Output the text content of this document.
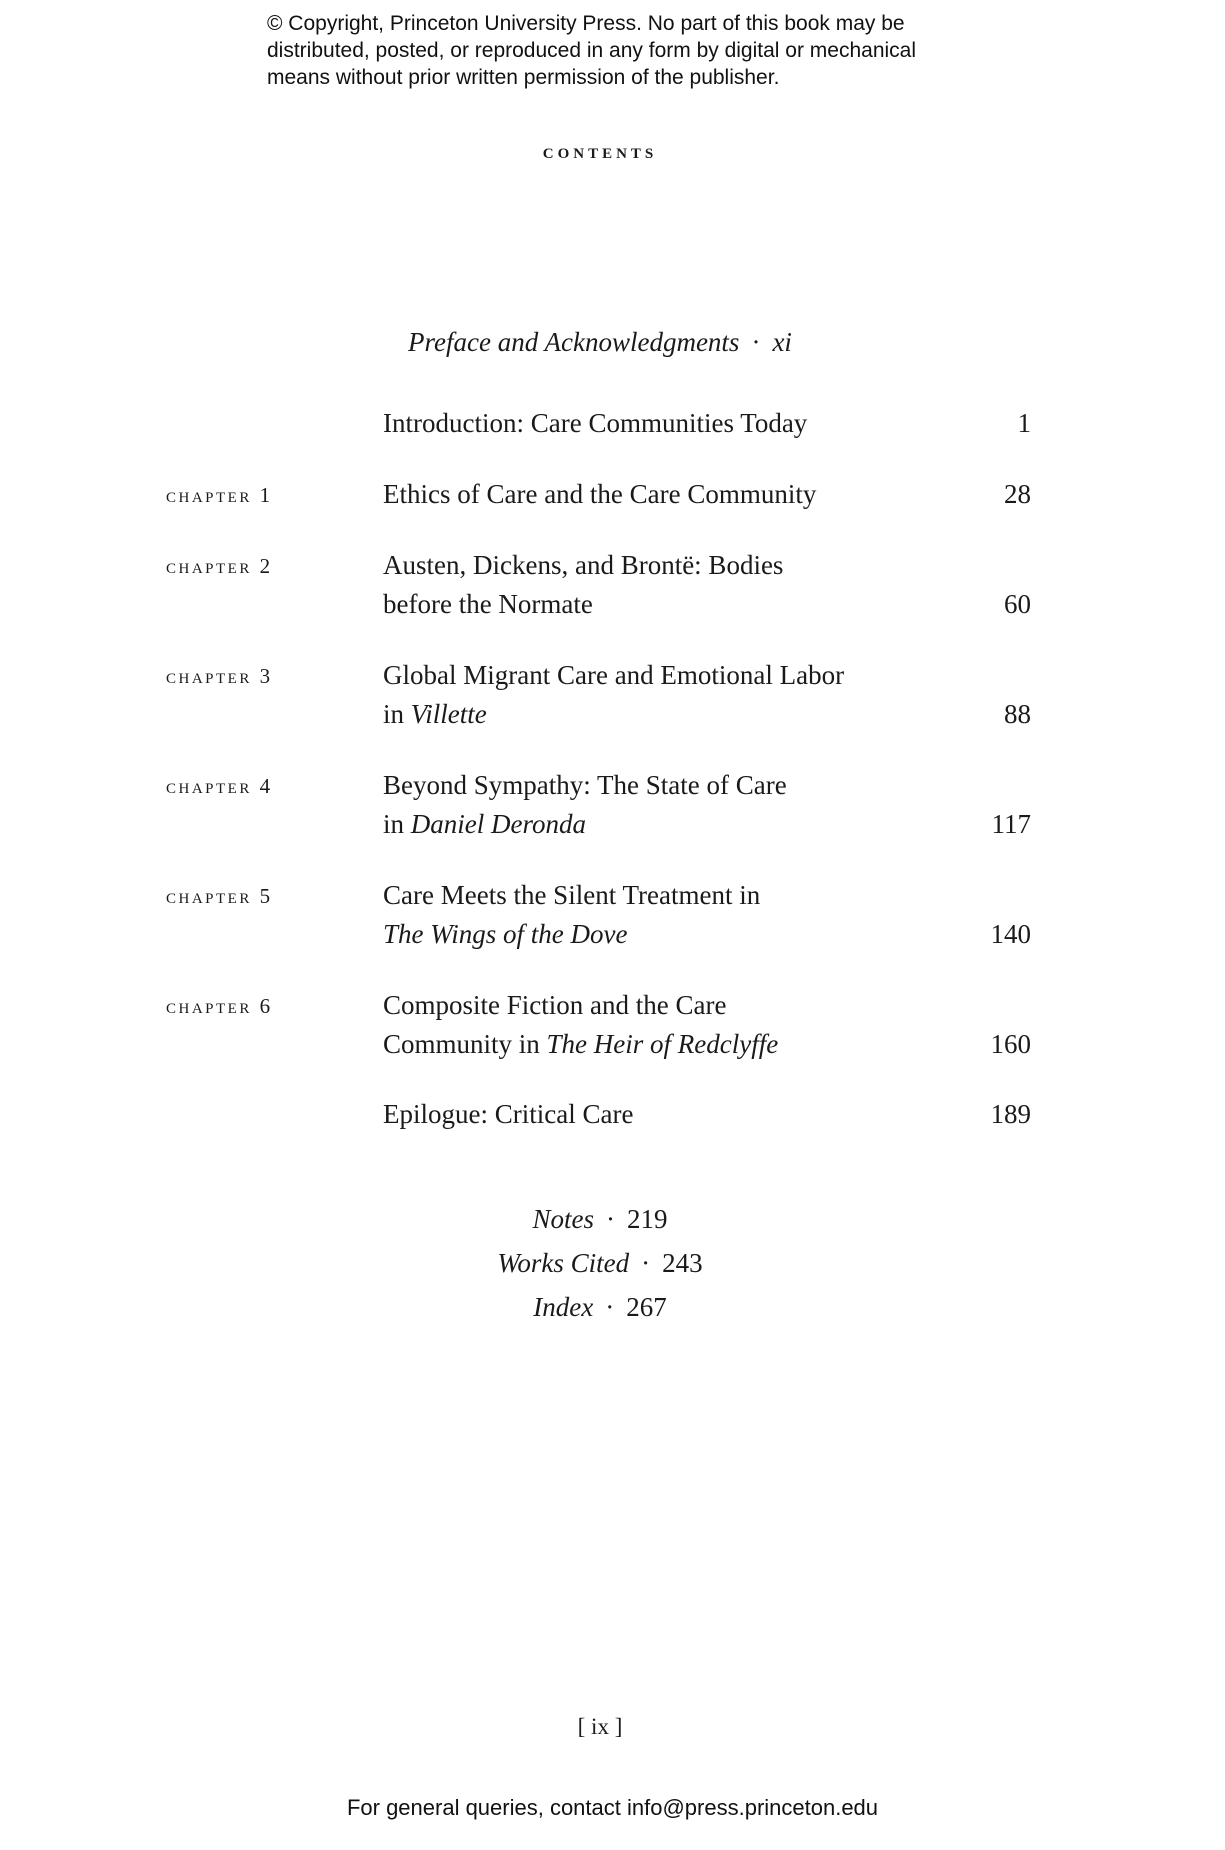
© Copyright, Princeton University Press. No part of this book may be
distributed, posted, or reproduced in any form by digital or mechanical
means without prior written permission of the publisher.
contents
Preface and Acknowledgments · xi
Introduction: Care Communities Today	1
chapter 1	Ethics of Care and the Care Community	28
chapter 2	Austen, Dickens, and Brontë: Bodies
before the Normate	60
chapter 3	Global Migrant Care and Emotional Labor
in Villette	88
chapter 4	Beyond Sympathy: The State of Care
in Daniel Deronda	117
chapter 5	Care Meets the Silent Treatment in
The Wings of the Dove	140
chapter 6	Composite Fiction and the Care
Community in The Heir of Redclyffe	160
Epilogue: Critical Care	189
Notes · 219
Works Cited · 243
Index · 267
[ ix ]
For general queries, contact info@press.princeton.edu
